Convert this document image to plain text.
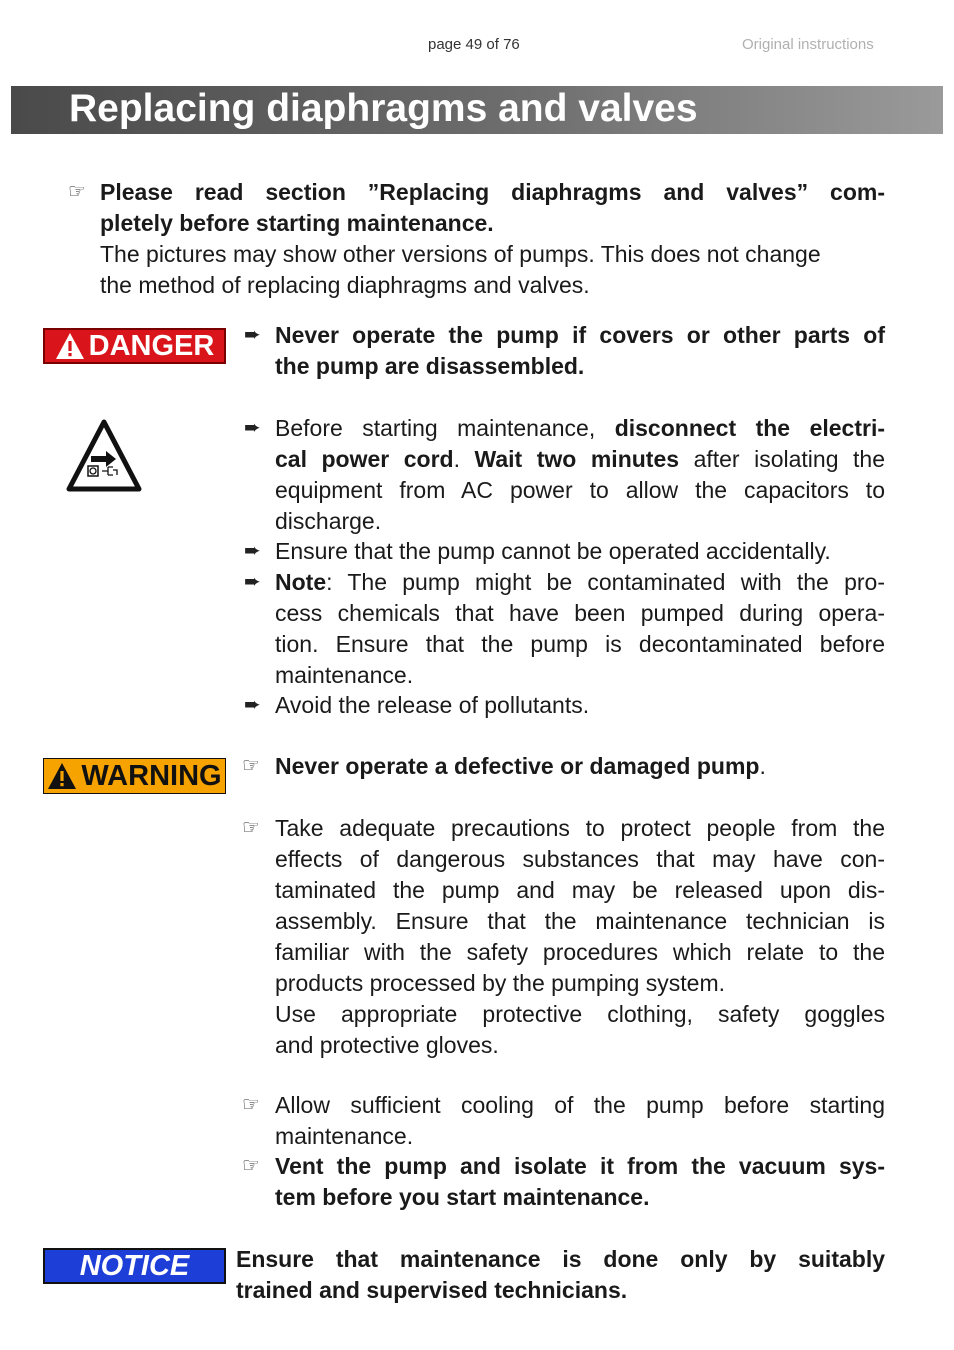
page 49 of 76	Original instructions
Replacing diaphragms and valves
☞ Please read section ”Replacing diaphragms and valves” com-
pletely before starting maintenance.
The pictures may show other versions of pumps. This does not change
the method of replacing diaphragms and valves.
DANGER ➨ Never operate the pump if covers or other parts of
the pump are disassembled.
➨ Before starting maintenance, disconnect the electri-
cal power cord. Wait two minutes after isolating the
equipment from AC power to allow the capacitors to
discharge.
➨ Ensure that the pump cannot be operated accidentally.
➨ Note: The pump might be contaminated with the pro-
cess chemicals that have been pumped during opera-
tion. Ensure that the pump is decontaminated before
maintenance.
➨ Avoid the release of pollutants.
WARNING ☞ Never operate a defective or damaged pump.
☞ Take adequate precautions to protect people from the
effects of dangerous substances that may have con-
taminated the pump and may be released upon dis-
assembly. Ensure that the maintenance technician is
familiar with the safety procedures which relate to the
products processed by the pumping system.
Use appropriate protective clothing, safety goggles
and protective gloves.
☞ Allow sufficient cooling of the pump before starting
maintenance.
☞ Vent the pump and isolate it from the vacuum sys-
tem before you start maintenance.
NOTICE Ensure that maintenance is done only by suitably
trained and supervised technicians.
